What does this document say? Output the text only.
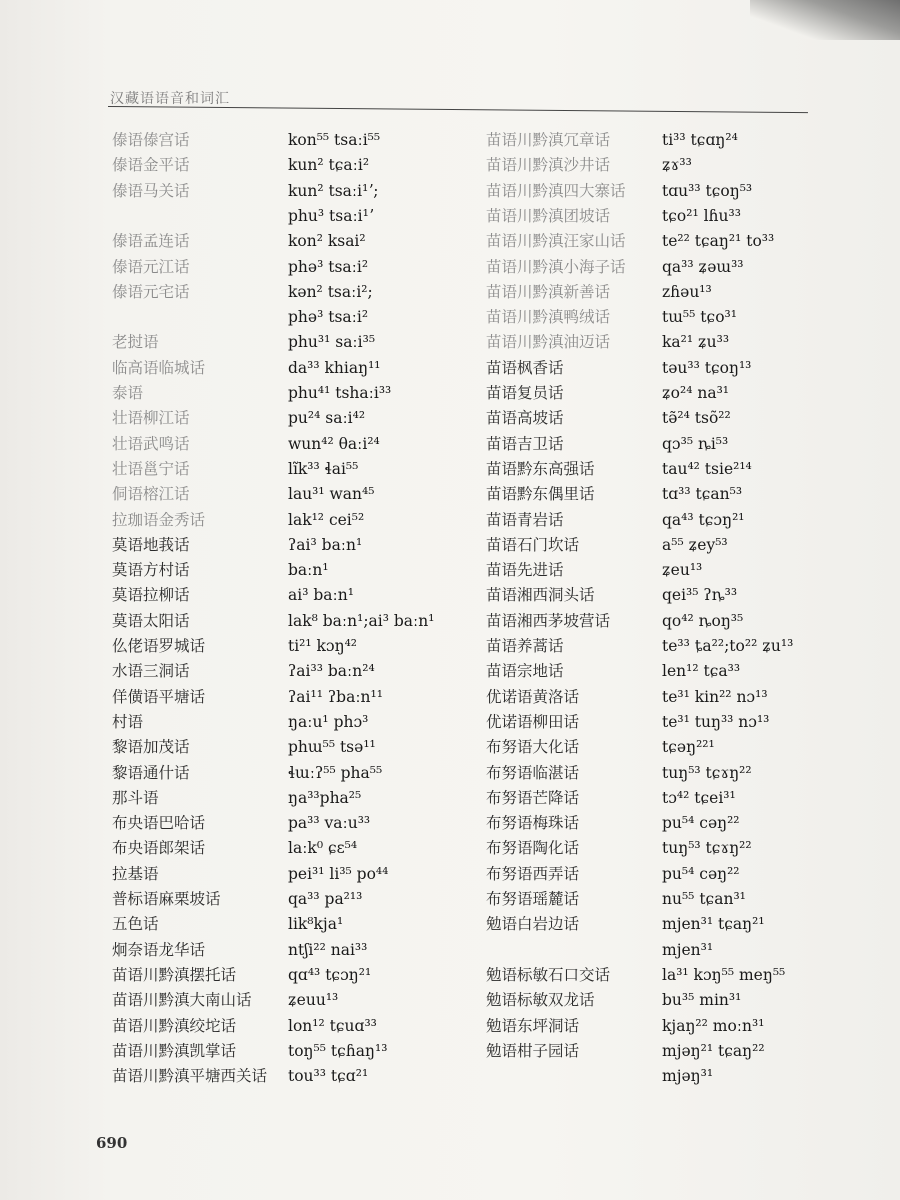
汉藏语语音和词汇
傣语傣宫话	kon⁵⁵ tsaːi⁵⁵
傣语金平话	kun² tɕaːi²
傣语马关话	kun² tsaːi¹ʼ;
phu³ tsaːi¹ʼ
傣语孟连话	kon² ksai²
傣语元江话	phə³ tsaːi²
傣语元宅话	kən² tsaːi²;
phə³ tsaːi²
老挝语	phu³¹ saːi³⁵
临高语临城话	da³³ khiaŋ¹¹
泰语	phu⁴¹ tshaːi³³
壮语柳江话	pu²⁴ saːi⁴²
壮语武鸣话	wun⁴² θaːi²⁴
壮语邕宁话	lĩk³³ ɬai⁵⁵
侗语榕江话	lau³¹ wan⁴⁵
拉珈语金秀话	lak¹² cei⁵²
莫语地莪话	ʔai³ baːn¹
莫语方村话	baːn¹
莫语拉柳话	ai³ baːn¹
莫语太阳话	lak⁸ baːn¹;ai³ baːn¹
仫佬语罗城话	ti²¹ kɔŋ⁴²
水语三洞话	ʔai³³ baːn²⁴
佯僙语平塘话	ʔai¹¹ ʔbaːn¹¹
村语	ŋaːu¹ phɔ³
黎语加茂话	phɯ⁵⁵ tsə¹¹
黎语通什话	ɬɯːʔ⁵⁵ pha⁵⁵
那斗语	ŋa³³pha²⁵
布央语巴哈话	pa³³ vaːu³³
布央语郎架话	laːk⁰ ɕɛ⁵⁴
拉基语	pei³¹ li³⁵ po⁴⁴
普标语麻栗坡话	qa³³ pa²¹³
五色话	lik⁸kja¹
炯奈语龙华话	ntʃi²² nai³³
苗语川黔滇摆托话	qɑ⁴³ tɕɔŋ²¹
苗语川黔滇大南山话 ʑeuu¹³
苗语川黔滇绞坨话	lon¹² tɕuɑ³³
苗语川黔滇凯掌话	toŋ⁵⁵ tɕɦaŋ¹³
苗语川黔滇平塘西关话 tou³³ tɕɑ²¹
苗语川黔滇冗章话	ti³³ tɕɑŋ²⁴
苗语川黔滇沙井话	ʑɤ³³
苗语川黔滇四大寨话 tɑu³³ tɕoŋ⁵³
苗语川黔滇团坡话	tɕo²¹ lɦu³³
苗语川黔滇汪家山话 te²² tɕaŋ²¹ to³³
苗语川黔滇小海子话 qa³³ ʑəɯ³³
苗语川黔滇新善话	zɦəu¹³
苗语川黔滇鸭绒话	tɯ⁵⁵ tɕo³¹
苗语川黔滇油迈话	ka²¹ ʑu³³
苗语枫香话	təu³³ tɕoŋ¹³
苗语复员话	ʑo²⁴ na³¹
苗语高坡话	tə̃²⁴ tsõ²²
苗语吉卫话	qɔ³⁵ ȵi⁵³
苗语黔东高强话	tau⁴² tsie²¹⁴
苗语黔东偶里话	tɑ³³ tɕan⁵³
苗语青岩话	qa⁴³ tɕɔŋ²¹
苗语石门坎话	a⁵⁵ ʑey⁵³
苗语先进话	ʑeu¹³
苗语湘西洞头话	qei³⁵ ʔȵ³³
苗语湘西茅坡营话	qo⁴² ȵoŋ³⁵
苗语养蒿话	te³³ ȶa²²;to²² ʑu¹³
苗语宗地话	len¹² tɕa³³
优诺语黄洛话	te³¹ kin²² nɔ¹³
优诺语柳田话	te³¹ tuŋ³³ nɔ¹³
布努语大化话	tɕəŋ²²¹
布努语临湛话	tuŋ⁵³ tɕɤŋ²²
布努语芒降话	tɔ⁴² tɕei³¹
布努语梅珠话	pu⁵⁴ cəŋ²²
布努语陶化话	tuŋ⁵³ tɕɤŋ²²
布努语西弄话	pu⁵⁴ cəŋ²²
布努语瑶麓话	nu⁵⁵ tɕan³¹
勉语白岩边话	mjen³¹ tɕaŋ²¹
mjen³¹
勉语标敏石口交话	la³¹ kɔŋ⁵⁵ meŋ⁵⁵
勉语标敏双龙话	bu³⁵ min³¹
勉语东坪洞话	kjaŋ²² moːn³¹
勉语柑子园话	mjəŋ²¹ tɕaŋ²²
mjəŋ³¹
690
